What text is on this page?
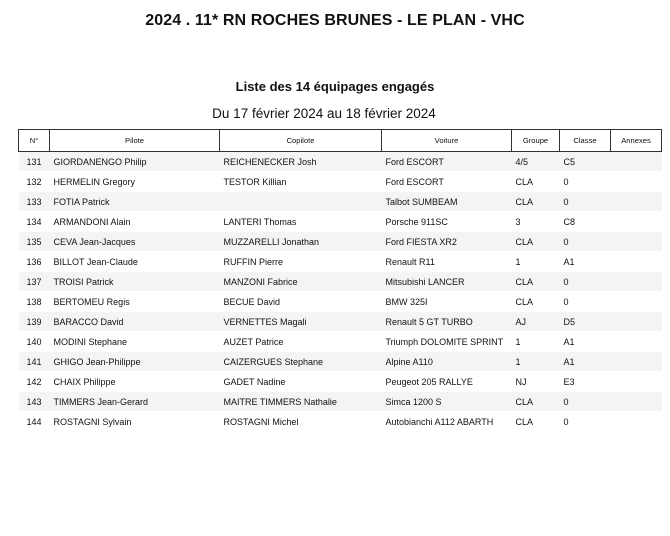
2024 . 11* RN ROCHES BRUNES - LE PLAN - VHC
Liste des 14 équipages engagés
Du 17 février 2024 au 18 février 2024
N°	Pilote	Copilote	Voiture	Groupe	Classe	Annexes
131	GIORDANENGO Philip	REICHENECKER Josh	Ford ESCORT	4/5	C5	
132	HERMELIN Gregory	TESTOR Killian	Ford ESCORT	CLA	0	
133	FOTIA Patrick		Talbot SUMBEAM	CLA	0	
134	ARMANDONI Alain	LANTERI Thomas	Porsche 911SC	3	C8	
135	CEVA Jean-Jacques	MUZZARELLI Jonathan	Ford FIESTA XR2	CLA	0	
136	BILLOT Jean-Claude	RUFFIN Pierre	Renault R11	1	A1	
137	TROISI Patrick	MANZONI Fabrice	Mitsubishi LANCER	CLA	0	
138	BERTOMEU Regis	BECUE David	BMW 325I	CLA	0	
139	BARACCO David	VERNETTES Magali	Renault 5 GT TURBO	AJ	D5	
140	MODINI Stephane	AUZET Patrice	Triumph DOLOMITE SPRINT	1	A1	
141	GHIGO Jean-Philippe	CAIZERGUES Stephane	Alpine A110	1	A1	
142	CHAIX Philippe	GADET Nadine	Peugeot 205 RALLYE	NJ	E3	
143	TIMMERS Jean-Gerard	MAITRE TIMMERS Nathalie	Simca 1200 S	CLA	0	
144	ROSTAGNI Sylvain	ROSTAGNI Michel	Autobianchi A112 ABARTH	CLA	0	
